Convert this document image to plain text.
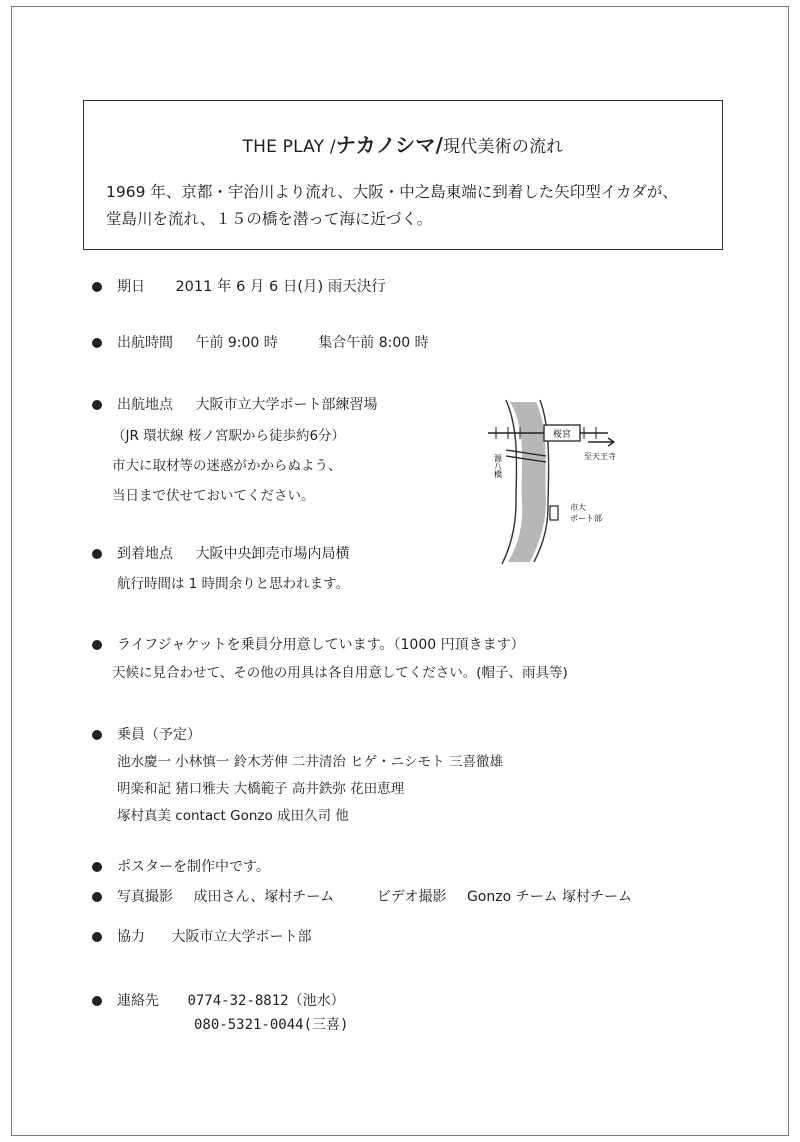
THE PLAY /ナカノシマ/現代美術の流れ
1969 年、京都・宇治川より流れ、大阪・中之島東端に到着した矢印型イカダが、
堂島川を流れ、１５の橋を潜って海に近づく。
期日 2011 年 6 月 6 日(月) 雨天決行
出航時間 午前 9:00 時	集合午前 8:00 時
出航地点 大阪市立大学ボート部練習場
（JR 環状線 桜ノ宮駅から徒歩約6分）
市大に取材等の迷惑がかからぬよう、
当日まで伏せておいてください。
桜宮
至天王寺
源八橋
市大
ボート部
到着地点 大阪中央卸売市場内局横
航行時間は 1 時間余りと思われます。
ライフジャケットを乗員分用意しています。（1000 円頂きます）
天候に見合わせて、その他の用具は各自用意してください。(帽子、雨具等)
乗員（予定）
池水慶一 小林慎一 鈴木芳伸 二井清治 ヒゲ・ニシモト 三喜徹雄
明楽和記 猪口雅夫 大橋範子 高井鉄弥 花田恵理
塚村真美 contact Gonzo 成田久司 他
ポスターを制作中です。
写真撮影 成田さん、塚村チーム	ビデオ撮影 Gonzo チーム 塚村チーム
協力 大阪市立大学ボート部
連絡先 0774-32-8812（池水）
080-5321-0044(三喜)
